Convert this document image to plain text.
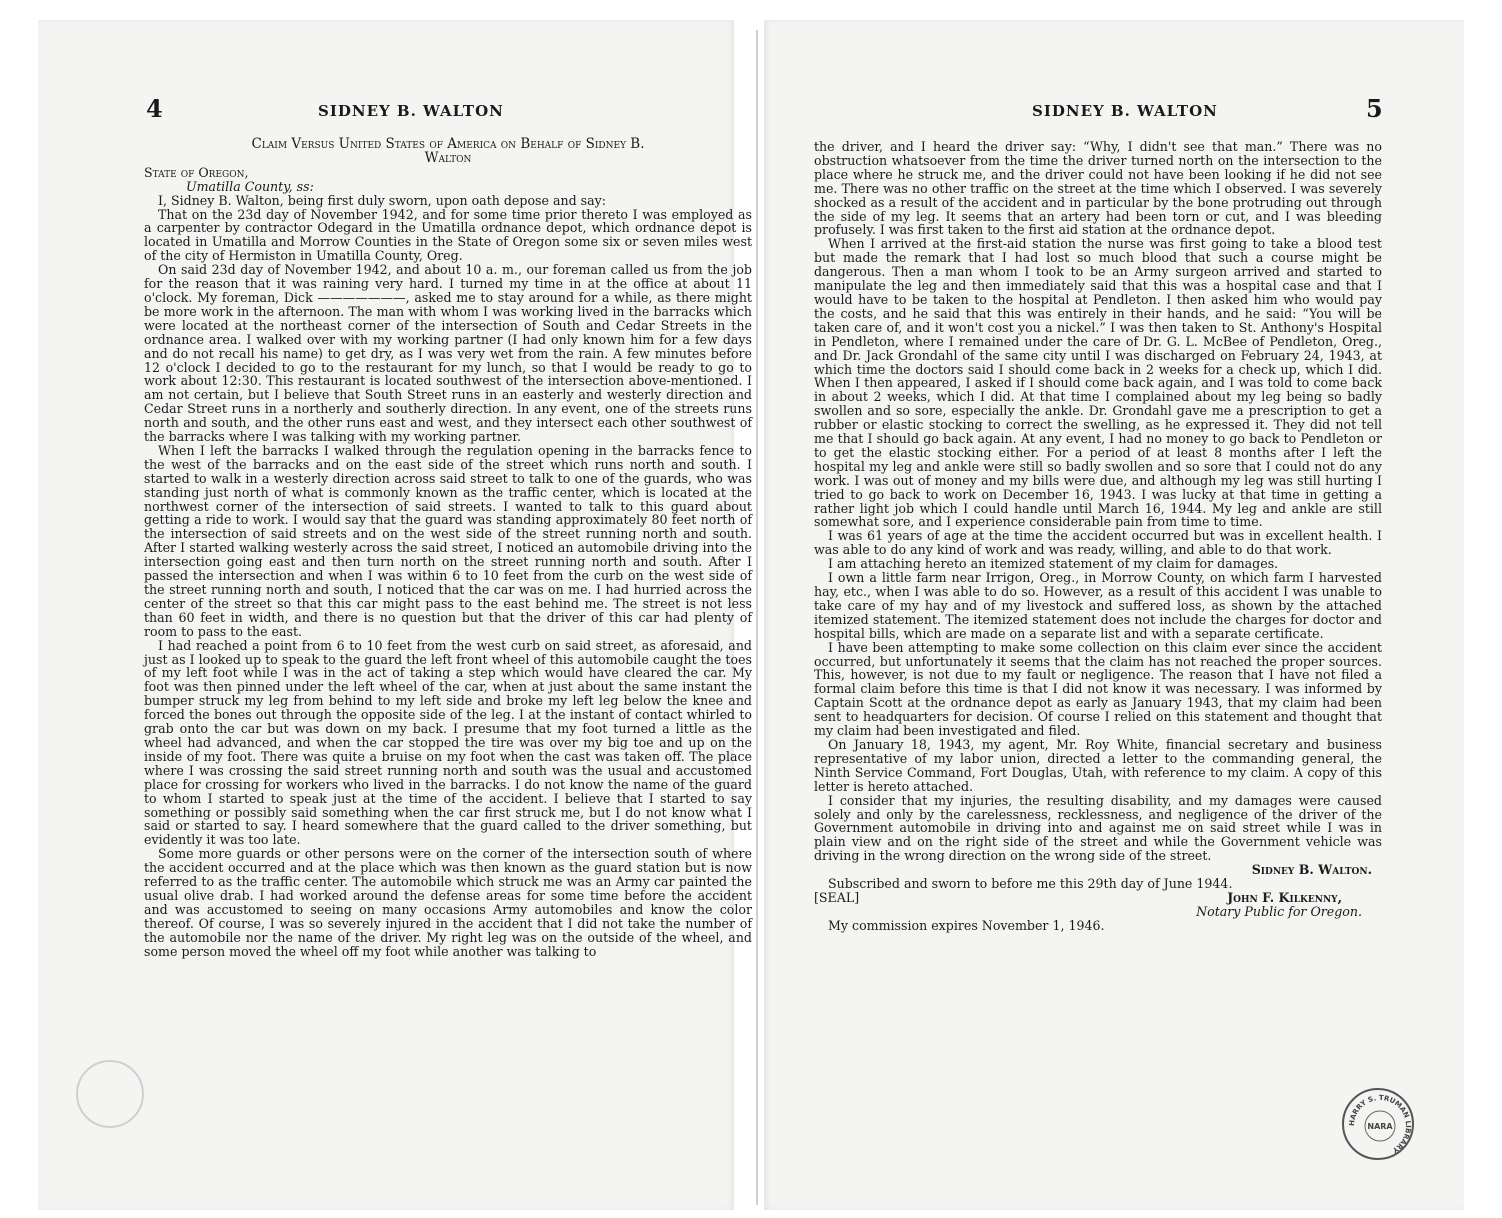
4	SIDNEY B. WALTON

Claim Versus United States of America on Behalf of Sidney B.

Walton

State of Oregon,

Umatilla County, ss:

I, Sidney B. Walton, being first duly sworn, upon oath depose and say:

That on the 23d day of November 1942, and for some time prior thereto I was employed as a carpenter by contractor Odegard in the Umatilla ordnance depot, which ordnance depot is located in Umatilla and Morrow Counties in the State of Oregon some six or seven miles west of the city of Hermiston in Umatilla County, Oreg.

On said 23d day of November 1942, and about 10 a. m., our foreman called us from the job for the reason that it was raining very hard. I turned my time in at the office at about 11 o'clock. My foreman, Dick ———————, asked me to stay around for a while, as there might be more work in the afternoon. The man with whom I was working lived in the barracks which were located at the northeast corner of the intersection of South and Cedar Streets in the ordnance area. I walked over with my working partner (I had only known him for a few days and do not recall his name) to get dry, as I was very wet from the rain. A few minutes before 12 o'clock I decided to go to the restaurant for my lunch, so that I would be ready to go to work about 12:30. This restaurant is located southwest of the intersection above-mentioned. I am not certain, but I believe that South Street runs in an easterly and westerly direction and Cedar Street runs in a northerly and southerly direction. In any event, one of the streets runs north and south, and the other runs east and west, and they intersect each other southwest of the barracks where I was talking with my working partner.

When I left the barracks I walked through the regulation opening in the barracks fence to the west of the barracks and on the east side of the street which runs north and south. I started to walk in a westerly direction across said street to talk to one of the guards, who was standing just north of what is commonly known as the traffic center, which is located at the northwest corner of the intersection of said streets. I wanted to talk to this guard about getting a ride to work. I would say that the guard was standing approximately 80 feet north of the intersection of said streets and on the west side of the street running north and south. After I started walking westerly across the said street, I noticed an automobile driving into the intersection going east and then turn north on the street running north and south. After I passed the intersection and when I was within 6 to 10 feet from the curb on the west side of the street running north and south, I noticed that the car was on me. I had hurried across the center of the street so that this car might pass to the east behind me. The street is not less than 60 feet in width, and there is no question but that the driver of this car had plenty of room to pass to the east.

I had reached a point from 6 to 10 feet from the west curb on said street, as aforesaid, and just as I looked up to speak to the guard the left front wheel of this automobile caught the toes of my left foot while I was in the act of taking a step which would have cleared the car. My foot was then pinned under the left wheel of the car, when at just about the same instant the bumper struck my leg from behind to my left side and broke my left leg below the knee and forced the bones out through the opposite side of the leg. I at the instant of contact whirled to grab onto the car but was down on my back. I presume that my foot turned a little as the wheel had advanced, and when the car stopped the tire was over my big toe and up on the inside of my foot. There was quite a bruise on my foot when the cast was taken off. The place where I was crossing the said street running north and south was the usual and accustomed place for crossing for workers who lived in the barracks. I do not know the name of the guard to whom I started to speak just at the time of the accident. I believe that I started to say something or possibly said something when the car first struck me, but I do not know what I said or started to say. I heard somewhere that the guard called to the driver something, but evidently it was too late.

Some more guards or other persons were on the corner of the intersection south of where the accident occurred and at the place which was then known as the guard station but is now referred to as the traffic center. The automobile which struck me was an Army car painted the usual olive drab. I had worked around the defense areas for some time before the accident and was accustomed to seeing on many occasions Army automobiles and know the color thereof. Of course, I was so severely injured in the accident that I did not take the number of the automobile nor the name of the driver. My right leg was on the outside of the wheel, and some person moved the wheel off my foot while another was talking to

SIDNEY B. WALTON	5

the driver, and I heard the driver say: “Why, I didn't see that man.” There was no obstruction whatsoever from the time the driver turned north on the intersection to the place where he struck me, and the driver could not have been looking if he did not see me. There was no other traffic on the street at the time which I observed. I was severely shocked as a result of the accident and in particular by the bone protruding out through the side of my leg. It seems that an artery had been torn or cut, and I was bleeding profusely. I was first taken to the first aid station at the ordnance depot.

When I arrived at the first-aid station the nurse was first going to take a blood test but made the remark that I had lost so much blood that such a course might be dangerous. Then a man whom I took to be an Army surgeon arrived and started to manipulate the leg and then immediately said that this was a hospital case and that I would have to be taken to the hospital at Pendleton. I then asked him who would pay the costs, and he said that this was entirely in their hands, and he said: “You will be taken care of, and it won't cost you a nickel.” I was then taken to St. Anthony's Hospital in Pendleton, where I remained under the care of Dr. G. L. McBee of Pendleton, Oreg., and Dr. Jack Grondahl of the same city until I was discharged on February 24, 1943, at which time the doctors said I should come back in 2 weeks for a check up, which I did. When I then appeared, I asked if I should come back again, and I was told to come back in about 2 weeks, which I did. At that time I complained about my leg being so badly swollen and so sore, especially the ankle. Dr. Grondahl gave me a prescription to get a rubber or elastic stocking to correct the swelling, as he expressed it. They did not tell me that I should go back again. At any event, I had no money to go back to Pendleton or to get the elastic stocking either. For a period of at least 8 months after I left the hospital my leg and ankle were still so badly swollen and so sore that I could not do any work. I was out of money and my bills were due, and although my leg was still hurting I tried to go back to work on December 16, 1943. I was lucky at that time in getting a rather light job which I could handle until March 16, 1944. My leg and ankle are still somewhat sore, and I experience considerable pain from time to time.

I was 61 years of age at the time the accident occurred but was in excellent health. I was able to do any kind of work and was ready, willing, and able to do that work.

I am attaching hereto an itemized statement of my claim for damages.

I own a little farm near Irrigon, Oreg., in Morrow County, on which farm I harvested hay, etc., when I was able to do so. However, as a result of this accident I was unable to take care of my hay and of my livestock and suffered loss, as shown by the attached itemized statement. The itemized statement does not include the charges for doctor and hospital bills, which are made on a separate list and with a separate certificate.

I have been attempting to make some collection on this claim ever since the accident occurred, but unfortunately it seems that the claim has not reached the proper sources. This, however, is not due to my fault or negligence. The reason that I have not filed a formal claim before this time is that I did not know it was necessary. I was informed by Captain Scott at the ordnance depot as early as January 1943, that my claim had been sent to headquarters for decision. Of course I relied on this statement and thought that my claim had been investigated and filed.

On January 18, 1943, my agent, Mr. Roy White, financial secretary and business representative of my labor union, directed a letter to the commanding general, the Ninth Service Command, Fort Douglas, Utah, with reference to my claim. A copy of this letter is hereto attached.

I consider that my injuries, the resulting disability, and my damages were caused solely and only by the carelessness, recklessness, and negligence of the driver of the Government automobile in driving into and against me on said street while I was in plain view and on the right side of the street and while the Government vehicle was driving in the wrong direction on the wrong side of the street.

Sidney B. Walton.

Subscribed and sworn to before me this 29th day of June 1944.

[SEAL]	John F. Kilkenny,

Notary Public for Oregon.

My commission expires November 1, 1946.

HARRY S. TRUMAN LIBRARY
NARA
